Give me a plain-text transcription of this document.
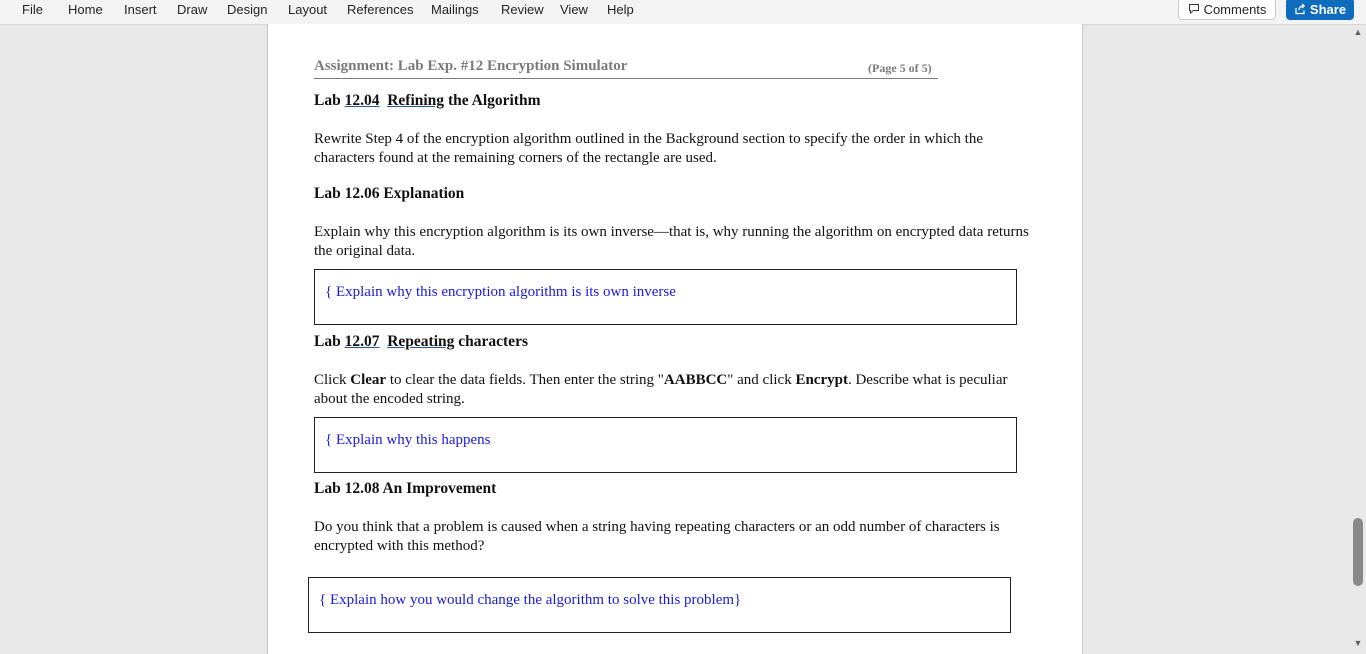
File Home Insert Draw Design Layout References Mailings Review View Help	Comments	Share
Assignment: Lab Exp. #12 Encryption Simulator	(Page 5 of 5)
Lab 12.04 Refining the Algorithm
Rewrite Step 4 of the encryption algorithm outlined in the Background section to specify the order in which the characters found at the remaining corners of the rectangle are used.
Lab 12.06 Explanation
Explain why this encryption algorithm is its own inverse—that is, why running the algorithm on encrypted data returns the original data.
{ Explain why this encryption algorithm is its own inverse
Lab 12.07 Repeating characters
Click Clear to clear the data fields. Then enter the string "AABBCC" and click Encrypt. Describe what is peculiar about the encoded string.
{ Explain why this happens
Lab 12.08 An Improvement
Do you think that a problem is caused when a string having repeating characters or an odd number of characters is encrypted with this method?
{ Explain how you would change the algorithm to solve this problem}
▲
▼
